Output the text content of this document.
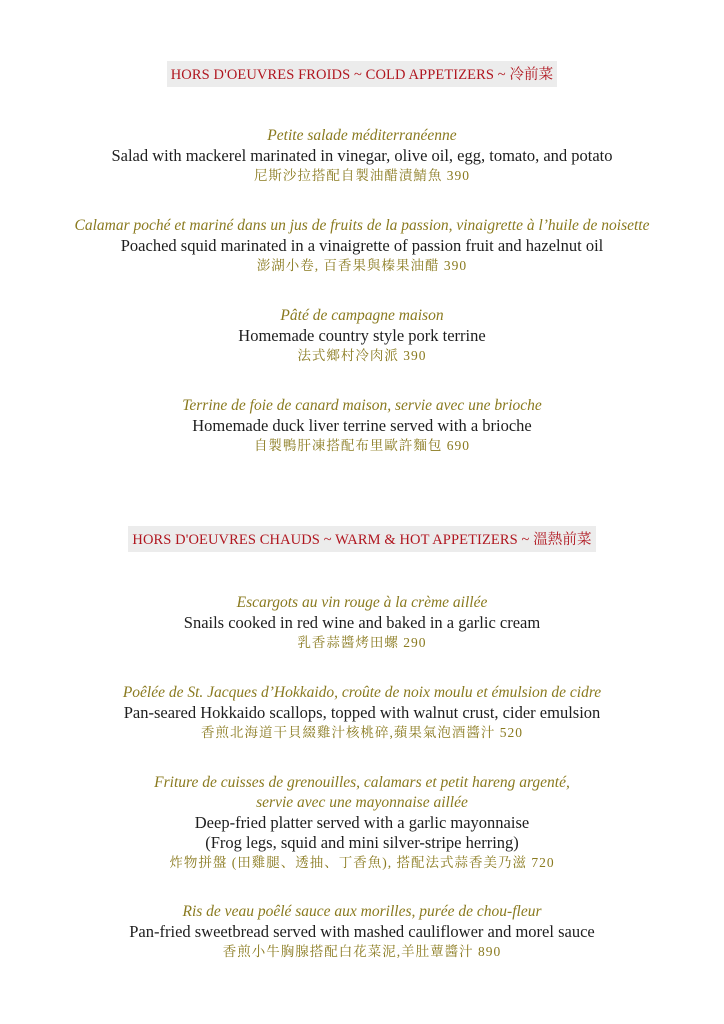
HORS D'OEUVRES FROIDS ~ COLD APPETIZERS ~ 冷前菜
Petite salade méditerranéenne
Salad with mackerel marinated in vinegar, olive oil, egg, tomato, and potato
尼斯沙拉搭配自製油醋漬鯖魚 390
Calamar poché et mariné dans un jus de fruits de la passion, vinaigrette à l’huile de noisette
Poached squid marinated in a vinaigrette of passion fruit and hazelnut oil
澎湖小卷, 百香果與榛果油醋 390
Pâté de campagne maison
Homemade country style pork terrine
法式鄉村冷肉派 390
Terrine de foie de canard maison, servie avec une brioche
Homemade duck liver terrine served with a brioche
自製鴨肝凍搭配布里歐許麵包 690
HORS D'OEUVRES CHAUDS ~ WARM & HOT APPETIZERS ~ 溫熱前菜
Escargots au vin rouge à la crème aillée
Snails cooked in red wine and baked in a garlic cream
乳香蒜醬烤田螺 290
Poêlée de St. Jacques d’Hokkaido, croûte de noix moulu et émulsion de cidre
Pan-seared Hokkaido scallops, topped with walnut crust, cider emulsion
香煎北海道干貝綴雞汁核桃碎,蘋果氣泡酒醬汁 520
Friture de cuisses de grenouilles, calamars et petit hareng argenté,
servie avec une mayonnaise aillée
Deep-fried platter served with a garlic mayonnaise
(Frog legs, squid and mini silver-stripe herring)
炸物拼盤 (田雞腿、透抽、丁香魚), 搭配法式蒜香美乃滋 720
Ris de veau poêlé sauce aux morilles, purée de chou-fleur
Pan-fried sweetbread served with mashed cauliflower and morel sauce
香煎小牛胸腺搭配白花菜泥,羊肚蕈醬汁 890
